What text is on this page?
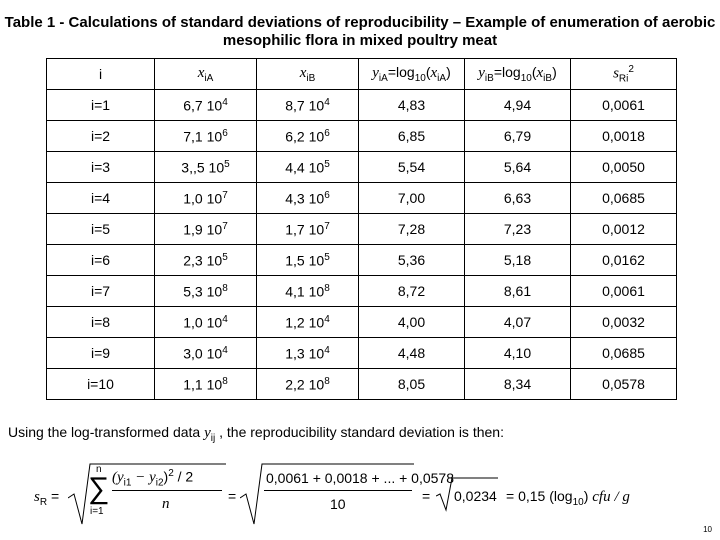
Table 1 - Calculations of standard deviations of reproducibility – Example of enumeration of aerobic
mesophilic flora in mixed poultry meat
i	$x_{iA}$	$x_{iB}$	$y_{iA}=\log_{10}(x_{iA})$	$y_{iB}=\log_{10}(x_{iB})$	$s_{Ri}^2$
i=1	6,7 $10^4$	8,7 $10^4$	4,83	4,94	0,0061
i=2	7,1 $10^6$	6,2 $10^6$	6,85	6,79	0,0018
i=3	3,,5 $10^5$	4,4 $10^5$	5,54	5,64	0,0050
i=4	1,0 $10^7$	4,3 $10^6$	7,00	6,63	0,0685
i=5	1,9 $10^7$	1,7 $10^7$	7,28	7,23	0,0012
i=6	2,3 $10^5$	1,5 $10^5$	5,36	5,18	0,0162
i=7	5,3 $10^8$	4,1 $10^8$	8,72	8,61	0,0061
i=8	1,0 $10^4$	1,2 $10^4$	4,00	4,07	0,0032
i=9	3,0 $10^4$	1,3 $10^4$	4,48	4,10	0,0685
i=10	1,1 $10^8$	2,2 $10^8$	8,05	8,34	0,0578
Using the log-transformed data $y_{ij}$ , the reproducibility standard deviation is then:
$s_R$ =
n
∑
i=1
$(y_{i1} - y_{i2})^2 / 2$
n	=
0,0061 + 0,0018 + ... + 0,0578
10	= 0,0234 = 0,15 $(\log_{10})$ cfu / g
10
